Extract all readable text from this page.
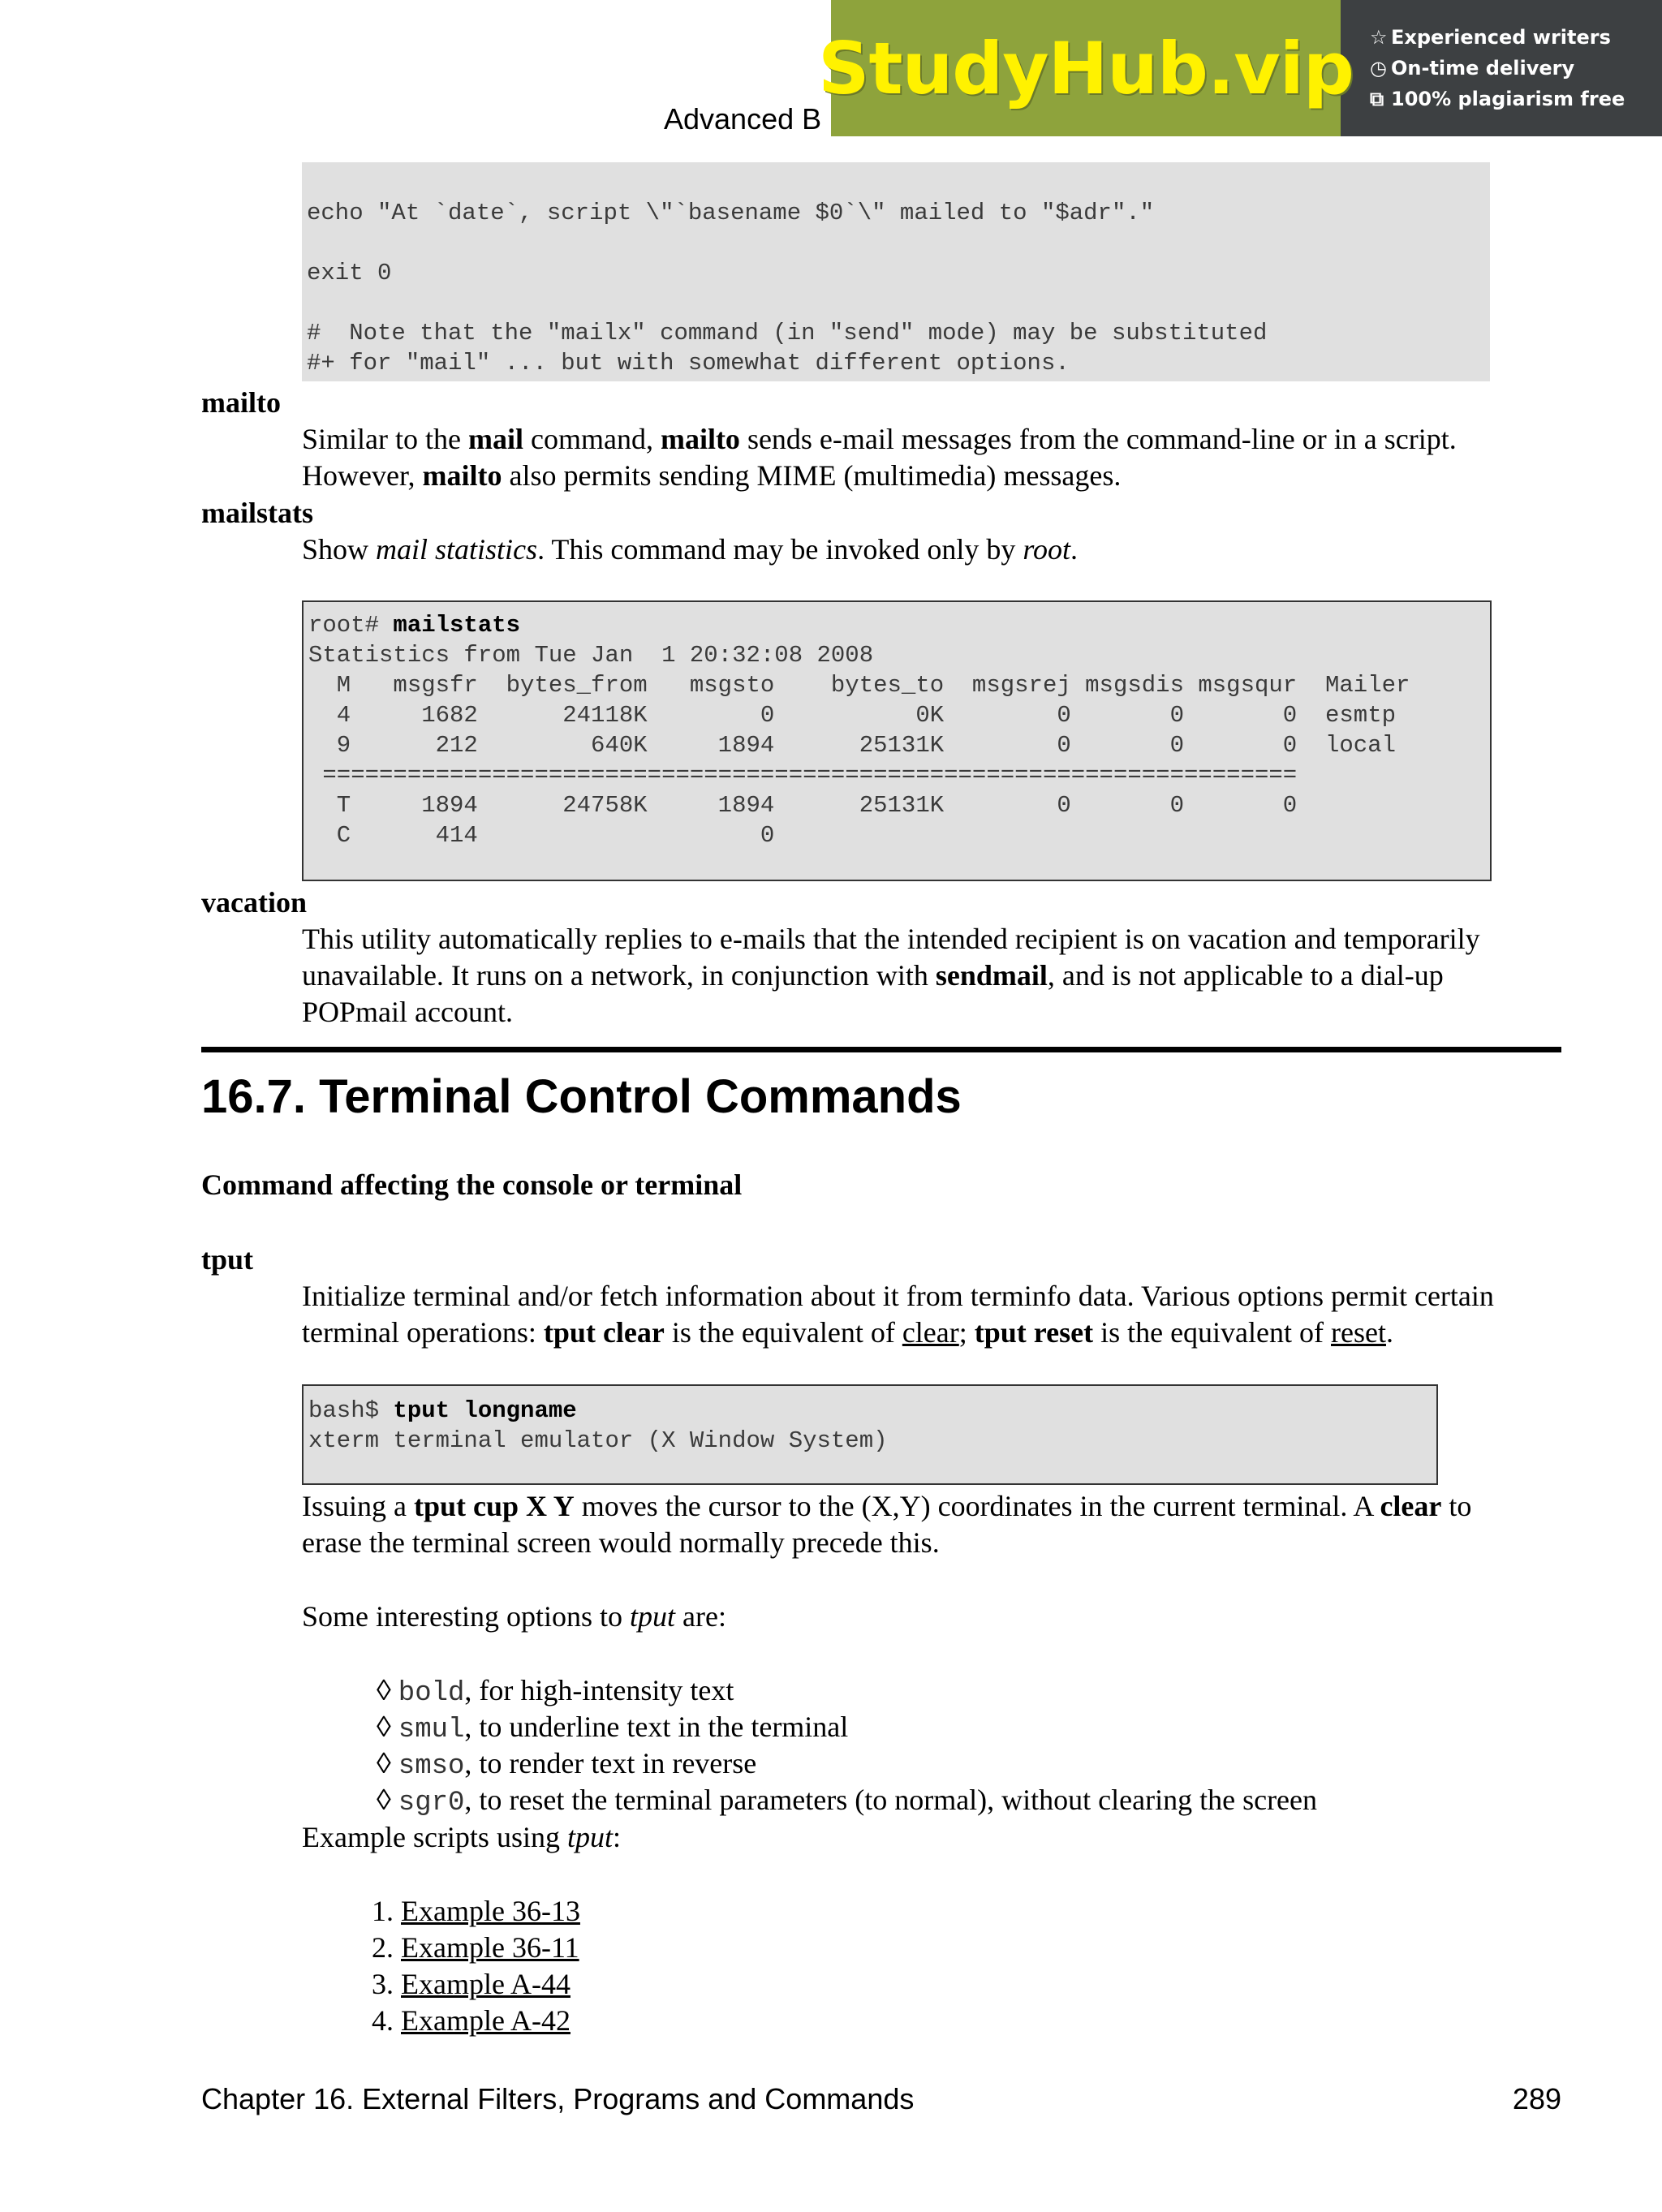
Advanced B
StudyHub.vip ☆ Experienced writers
◷ On-time delivery
⧉ 100% plagiarism free
echo "At `date`, script \"`basename $0`\" mailed to "$adr"."

exit 0

#  Note that the "mailx" command (in "send" mode) may be substituted
#+ for "mail" ... but with somewhat different options.
mailto
Similar to the mail command, mailto sends e-mail messages from the command-line or in a script.
However, mailto also permits sending MIME (multimedia) messages.
mailstats
Show mail statistics. This command may be invoked only by root.
root# mailstats
Statistics from Tue Jan  1 20:32:08 2008
M   msgsfr  bytes_from   msgsto    bytes_to  msgsrej msgsdis msgsqur  Mailer
4     1682      24118K        0          0K        0       0       0  esmtp
9      212        640K     1894      25131K        0       0       0  local
=====================================================================
T     1894      24758K     1894      25131K        0       0       0
C      414                    0
vacation
This utility automatically replies to e-mails that the intended recipient is on vacation and temporarily
unavailable. It runs on a network, in conjunction with sendmail, and is not applicable to a dial-up
POPmail account.
16.7. Terminal Control Commands
Command affecting the console or terminal
tput
Initialize terminal and/or fetch information about it from terminfo data. Various options permit certain
terminal operations: tput clear is the equivalent of clear; tput reset is the equivalent of reset.
bash$ tput longname
xterm terminal emulator (X Window System)
Issuing a tput cup X Y moves the cursor to the (X,Y) coordinates in the current terminal. A clear to
erase the terminal screen would normally precede this.
Some interesting options to tput are:
◊ bold, for high-intensity text
◊ smul, to underline text in the terminal
◊ smso, to render text in reverse
◊ sgr0, to reset the terminal parameters (to normal), without clearing the screen
Example scripts using tput:
1. Example 36-13
2. Example 36-11
3. Example A-44
4. Example A-42
Chapter 16. External Filters, Programs and Commands	289
